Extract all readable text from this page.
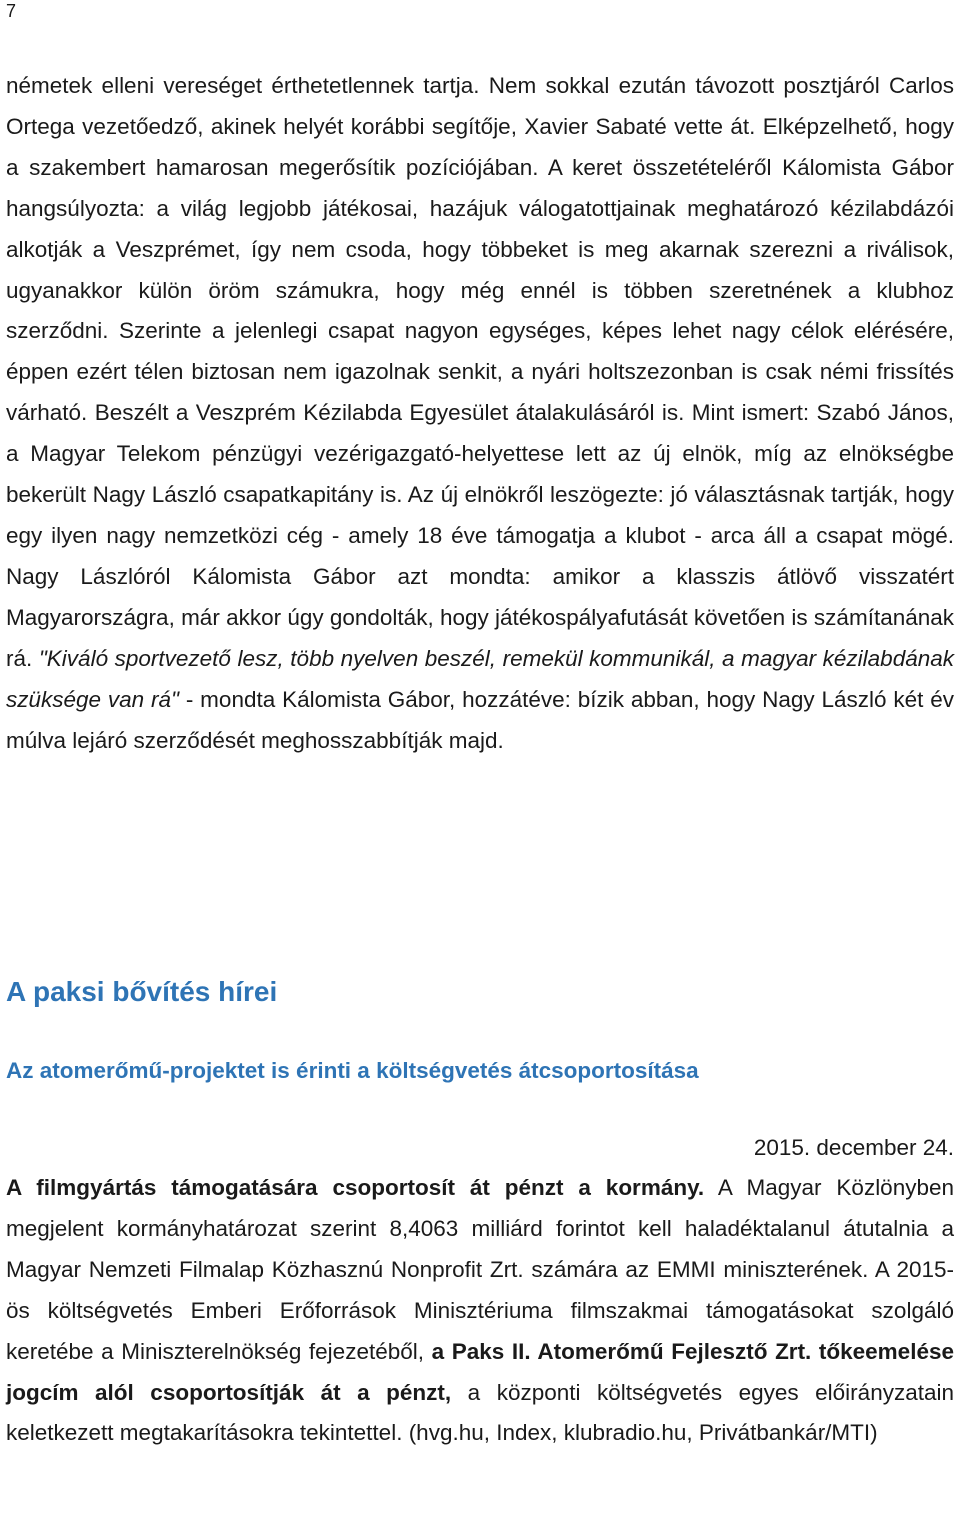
7

németek elleni vereséget érthetetlennek tartja. Nem sokkal ezután távozott posztjáról Carlos Ortega vezetőedző, akinek helyét korábbi segítője, Xavier Sabaté vette át. Elképzelhető, hogy a szakembert hamarosan megerősítik pozíciójában. A keret összetételéről Kálomista Gábor hangsúlyozta: a világ legjobb játékosai, hazájuk válogatottjainak meghatározó kézilabdázói alkotják a Veszprémet, így nem csoda, hogy többeket is meg akarnak szerezni a riválisok, ugyanakkor külön öröm számukra, hogy még ennél is többen szeretnének a klubhoz szerződni. Szerinte a jelenlegi csapat nagyon egységes, képes lehet nagy célok elérésére, éppen ezért télen biztosan nem igazolnak senkit, a nyári holtszezonban is csak némi frissítés várható. Beszélt a Veszprém Kézilabda Egyesület átalakulásáról is. Mint ismert: Szabó János, a Magyar Telekom pénzügyi vezérigazgató-helyettese lett az új elnök, míg az elnökségbe bekerült Nagy László csapatkapitány is. Az új elnökről leszögezte: jó választásnak tartják, hogy egy ilyen nagy nemzetközi cég - amely 18 éve támogatja a klubot - arca áll a csapat mögé. Nagy Lászlóról Kálomista Gábor azt mondta: amikor a klasszis átlövő visszatért Magyarországra, már akkor úgy gondolták, hogy játékospályafutását követően is számítanának rá. "Kiváló sportvezető lesz, több nyelven beszél, remekül kommunikál, a magyar kézilabdának szüksége van rá" - mondta Kálomista Gábor, hozzátéve: bízik abban, hogy Nagy László két év múlva lejáró szerződését meghosszabbítják majd.

A paksi bővítés hírei
Az atomerőmű-projektet is érinti a költségvetés átcsoportosítása
2015. december 24.

A filmgyártás támogatására csoportosít át pénzt a kormány. A Magyar Közlönyben megjelent kormányhatározat szerint 8,4063 milliárd forintot kell haladéktalanul átutalnia a Magyar Nemzeti Filmalap Közhasznú Nonprofit Zrt. számára az EMMI miniszterének. A 2015-ös költségvetés Emberi Erőforrások Minisztériuma filmszakmai támogatásokat szolgáló keretébe a Miniszterelnökség fejezetéből, a Paks II. Atomerőmű Fejlesztő Zrt. tőkeemelése jogcím alól csoportosítják át a pénzt, a központi költségvetés egyes előirányzatain keletkezett megtakarításokra tekintettel. (hvg.hu, Index, klubradio.hu, Privátbankár/MTI)
